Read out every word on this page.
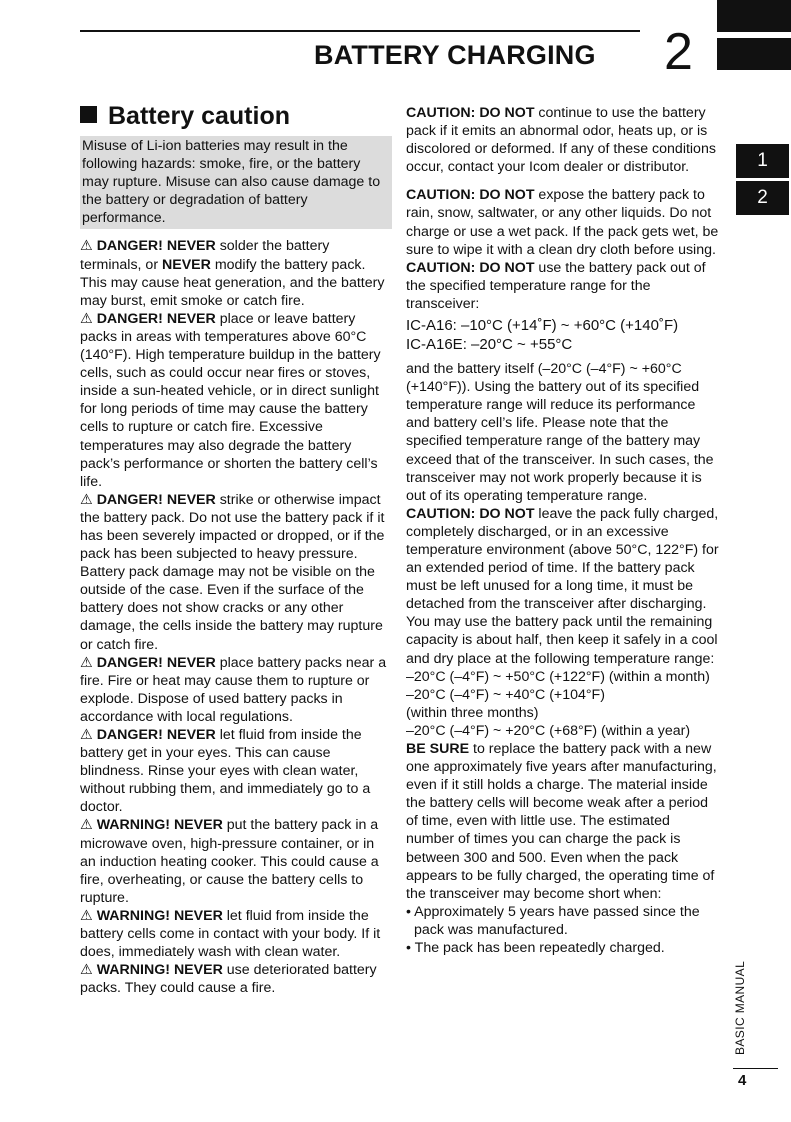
BATTERY CHARGING 2
1
2
Battery caution

Misuse of Li-ion batteries may result in the following hazards: smoke, fire, or the battery may rupture. Misuse can also cause damage to the battery or degradation of battery performance.

⚠ DANGER! NEVER solder the battery terminals, or NEVER modify the battery pack. This may cause heat generation, and the battery may burst, emit smoke or catch fire.

⚠ DANGER! NEVER place or leave battery packs in areas with temperatures above 60°C (140°F). High temperature buildup in the battery cells, such as could occur near fires or stoves, inside a sun-heated vehicle, or in direct sunlight for long periods of time may cause the battery cells to rupture or catch fire. Excessive temperatures may also degrade the battery pack’s performance or shorten the battery cell’s life.

⚠ DANGER! NEVER strike or otherwise impact the battery pack. Do not use the battery pack if it has been severely impacted or dropped, or if the pack has been subjected to heavy pressure. Battery pack damage may not be visible on the outside of the case. Even if the surface of the battery does not show cracks or any other damage, the cells inside the battery may rupture or catch fire.

⚠ DANGER! NEVER place battery packs near a fire. Fire or heat may cause them to rupture or explode. Dispose of used battery packs in accordance with local regulations.

⚠ DANGER! NEVER let fluid from inside the battery get in your eyes. This can cause blindness. Rinse your eyes with clean water, without rubbing them, and immediately go to a doctor.

⚠ WARNING! NEVER put the battery pack in a microwave oven, high-pressure container, or in an induction heating cooker. This could cause a fire, overheating, or cause the battery cells to rupture.

⚠ WARNING! NEVER let fluid from inside the battery cells come in contact with your body. If it does, immediately wash with clean water.

⚠ WARNING! NEVER use deteriorated battery packs. They could cause a fire.

CAUTION: DO NOT continue to use the battery pack if it emits an abnormal odor, heats up, or is discolored or deformed. If any of these conditions occur, contact your Icom dealer or distributor.

CAUTION: DO NOT expose the battery pack to rain, snow, saltwater, or any other liquids. Do not charge or use a wet pack. If the pack gets wet, be sure to wipe it with a clean dry cloth before using.

CAUTION: DO NOT use the battery pack out of the specified temperature range for the transceiver:

IC-A16: –10°C (+14˚F) ~ +60°C (+140˚F)

IC-A16E: –20°C ~ +55°C

and the battery itself (–20°C (–4°F) ~ +60°C (+140°F)). Using the battery out of its specified temperature range will reduce its performance and battery cell’s life. Please note that the specified temperature range of the battery may exceed that of the transceiver. In such cases, the transceiver may not work properly because it is out of its operating temperature range.

CAUTION: DO NOT leave the pack fully charged, completely discharged, or in an excessive temperature environment (above 50°C, 122°F) for an extended period of time. If the battery pack must be left unused for a long time, it must be detached from the transceiver after discharging. You may use the battery pack until the remaining capacity is about half, then keep it safely in a cool and dry place at the following temperature range:

–20°C (–4°F) ~ +50°C (+122°F) (within a month)

–20°C (–4°F) ~ +40°C (+104°F)

(within three months)

–20°C (–4°F) ~ +20°C (+68°F) (within a year)

BE SURE to replace the battery pack with a new one approximately five years after manufacturing, even if it still holds a charge. The material inside the battery cells will become weak after a period of time, even with little use. The estimated number of times you can charge the pack is between 300 and 500. Even when the pack appears to be fully charged, the operating time of the transceiver may become short when:

• Approximately 5 years have passed since the pack was manufactured.

• The pack has been repeatedly charged.

BASIC MANUAL
4
